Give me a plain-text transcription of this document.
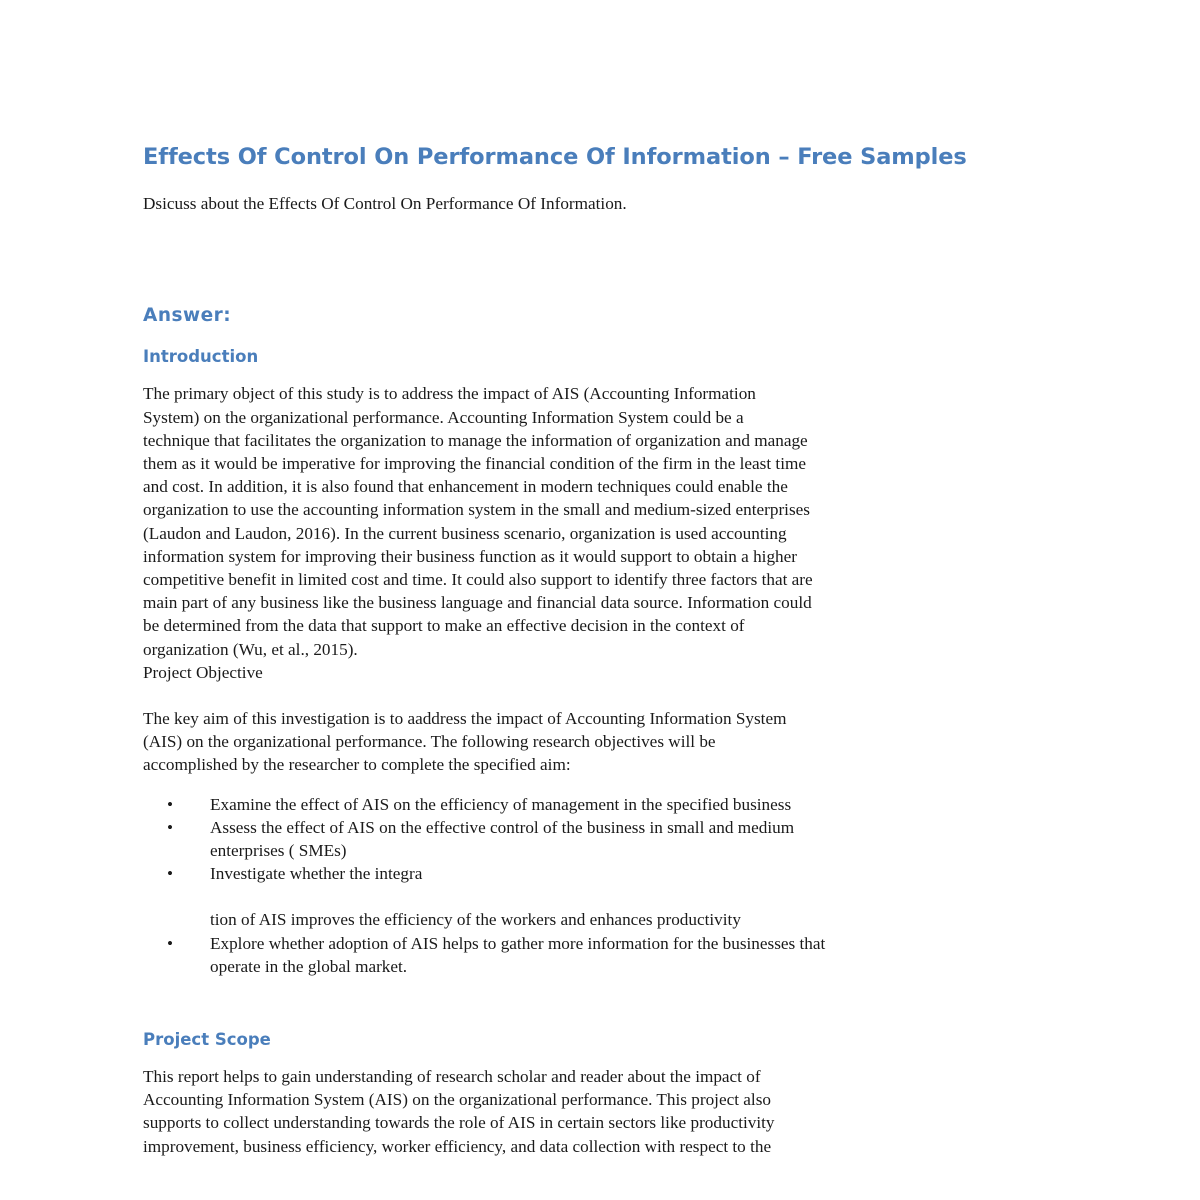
Effects Of Control On Performance Of Information – Free Samples

Dsicuss about the Effects Of Control On Performance Of Information.

Answer:
Introduction

The primary object of this study is to address the impact of AIS (Accounting Information
System) on the organizational performance. Accounting Information System could be a
technique that facilitates the organization to manage the information of organization and manage
them as it would be imperative for improving the financial condition of the firm in the least time
and cost. In addition, it is also found that enhancement in modern techniques could enable the
organization to use the accounting information system in the small and medium-sized enterprises
(Laudon and Laudon, 2016). In the current business scenario, organization is used accounting
information system for improving their business function as it would support to obtain a higher
competitive benefit in limited cost and time. It could also support to identify three factors that are
main part of any business like the business language and financial data source. Information could
be determined from the data that support to make an effective decision in the context of
organization (Wu, et al., 2015).
Project Objective

The key aim of this investigation is to aaddress the impact of Accounting Information System
(AIS) on the organizational performance. The following research objectives will be
accomplished by the researcher to complete the specified aim:

• Examine the effect of AIS on the efficiency of management in the specified business
• Assess the effect of AIS on the effective control of the business in small and medium
enterprises ( SMEs)
• Investigate whether the integra
tion of AIS improves the efficiency of the workers and enhances productivity
• Explore whether adoption of AIS helps to gather more information for the businesses that
operate in the global market.
Project Scope

This report helps to gain understanding of research scholar and reader about the impact of
Accounting Information System (AIS) on the organizational performance. This project also
supports to collect understanding towards the role of AIS in certain sectors like productivity
improvement, business efficiency, worker efficiency, and data collection with respect to the
